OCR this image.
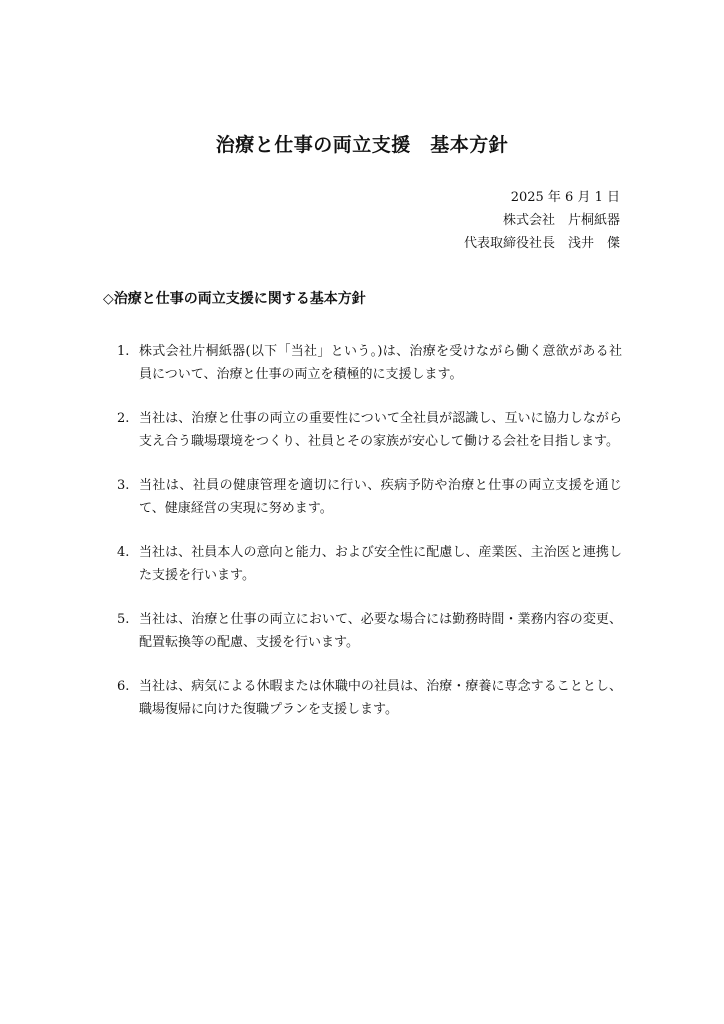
治療と仕事の両立支援　基本方針
2025 年 6 月 1 日
株式会社　片桐紙器
代表取締役社長　浅井　傑
◇治療と仕事の両立支援に関する基本方針
1. 株式会社片桐紙器(以下「当社」という。)は、治療を受けながら働く意欲がある社員について、治療と仕事の両立を積極的に支援します。
2. 当社は、治療と仕事の両立の重要性について全社員が認識し、互いに協力しながら支え合う職場環境をつくり、社員とその家族が安心して働ける会社を目指します。
3. 当社は、社員の健康管理を適切に行い、疾病予防や治療と仕事の両立支援を通じて、健康経営の実現に努めます。
4. 当社は、社員本人の意向と能力、および安全性に配慮し、産業医、主治医と連携した支援を行います。
5. 当社は、治療と仕事の両立において、必要な場合には勤務時間・業務内容の変更、配置転換等の配慮、支援を行います。
6. 当社は、病気による休暇または休職中の社員は、治療・療養に専念することとし、職場復帰に向けた復職プランを支援します。
